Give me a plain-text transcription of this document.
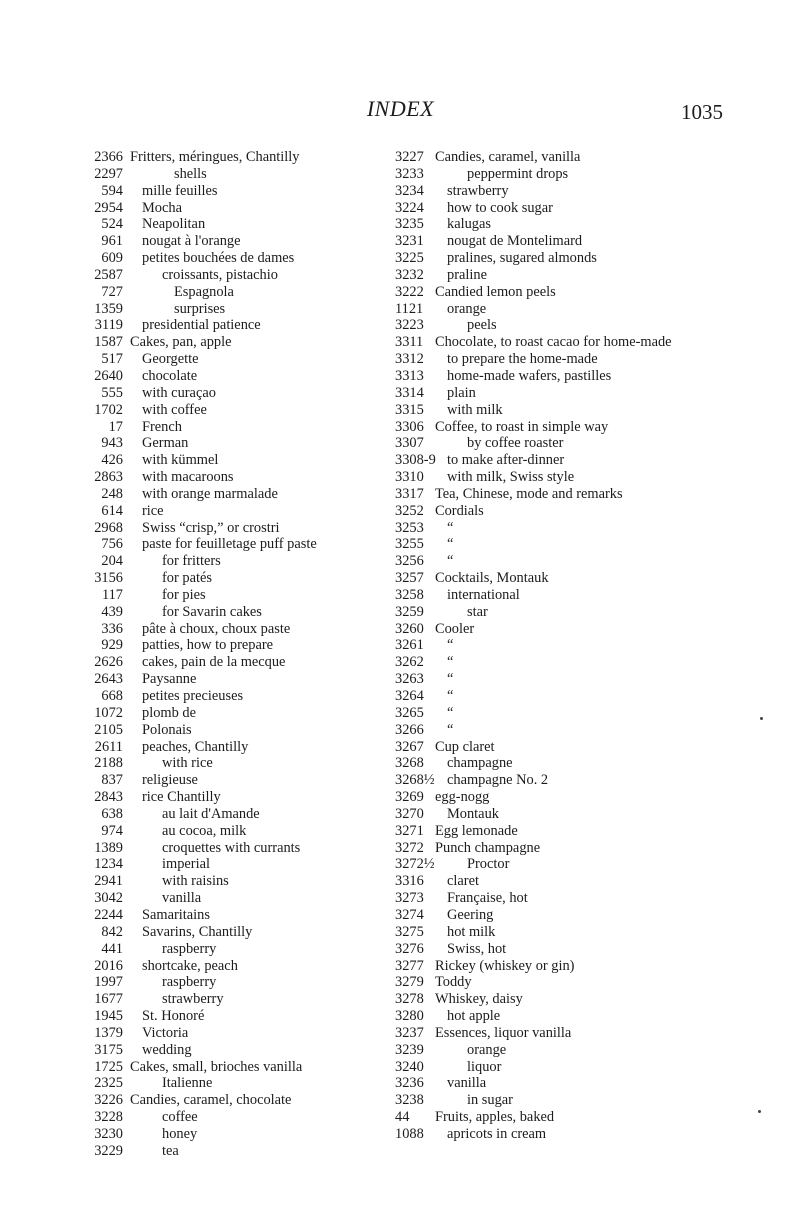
INDEX	1035
2366 Fritters, méringues, Chantilly
2297	shells
594	mille feuilles
2954	Mocha
524	Neapolitan
961	nougat à l'orange
609	petites bouchées de dames
2587	croissants, pistachio
727	Espagnola
1359	surprises
3119	presidential patience
1587 Cakes, pan, apple
517	Georgette
2640	chocolate
555	with curaçao
1702	with coffee
17	French
943	German
426	with kümmel
2863	with macaroons
248	with orange marmalade
614	rice
2968	Swiss “crisp,” or crostri
756	paste for feuilletage puff paste
204	for fritters
3156	for patés
117	for pies
439	for Savarin cakes
336	pâte à choux, choux paste
929	patties, how to prepare
2626	cakes, pain de la mecque
2643	Paysanne
668	petites precieuses
1072	plomb de
2105	Polonais
2611	peaches, Chantilly
2188	with rice
837	religieuse
2843	rice Chantilly
638	au lait d'Amande
974	au cocoa, milk
1389	croquettes with currants
1234	imperial
2941	with raisins
3042	vanilla
2244	Samaritains
842	Savarins, Chantilly
441	raspberry
2016	shortcake, peach
1997	raspberry
1677	strawberry
1945	St. Honoré
1379	Victoria
3175	wedding
1725 Cakes, small, brioches vanilla
2325	Italienne
3226 Candies, caramel, chocolate
3228	coffee
3230	honey
3229	tea
3227 Candies, caramel, vanilla
3233	peppermint drops
3234	strawberry
3224	how to cook sugar
3235	kalugas
3231	nougat de Montelimard
3225	pralines, sugared almonds
3232	praline
3222 Candied lemon peels
1121	orange
3223	peels
3311 Chocolate, to roast cacao for home-made
3312	to prepare the home-made
3313	home-made wafers, pastilles
3314	plain
3315	with milk
3306 Coffee, to roast in simple way
3307	by coffee roaster
3308-9 to make after-dinner
3310	with milk, Swiss style
3317 Tea, Chinese, mode and remarks
3252 Cordials
3253	“
3255	“
3256	“
3257 Cocktails, Montauk
3258	international
3259	star
3260 Cooler
3261	“
3262	“
3263	“
3264	“
3265	“
3266	“
3267 Cup claret
3268	champagne
3268½ champagne No. 2
3269 egg-nogg
3270	Montauk
3271 Egg lemonade
3272 Punch champagne
3272½	Proctor
3316	claret
3273	Française, hot
3274	Geering
3275	hot milk
3276	Swiss, hot
3277 Rickey (whiskey or gin)
3279 Toddy
3278 Whiskey, daisy
3280	hot apple
3237 Essences, liquor vanilla
3239	orange
3240	liquor
3236	vanilla
3238	in sugar
44	Fruits, apples, baked
1088	apricots in cream
